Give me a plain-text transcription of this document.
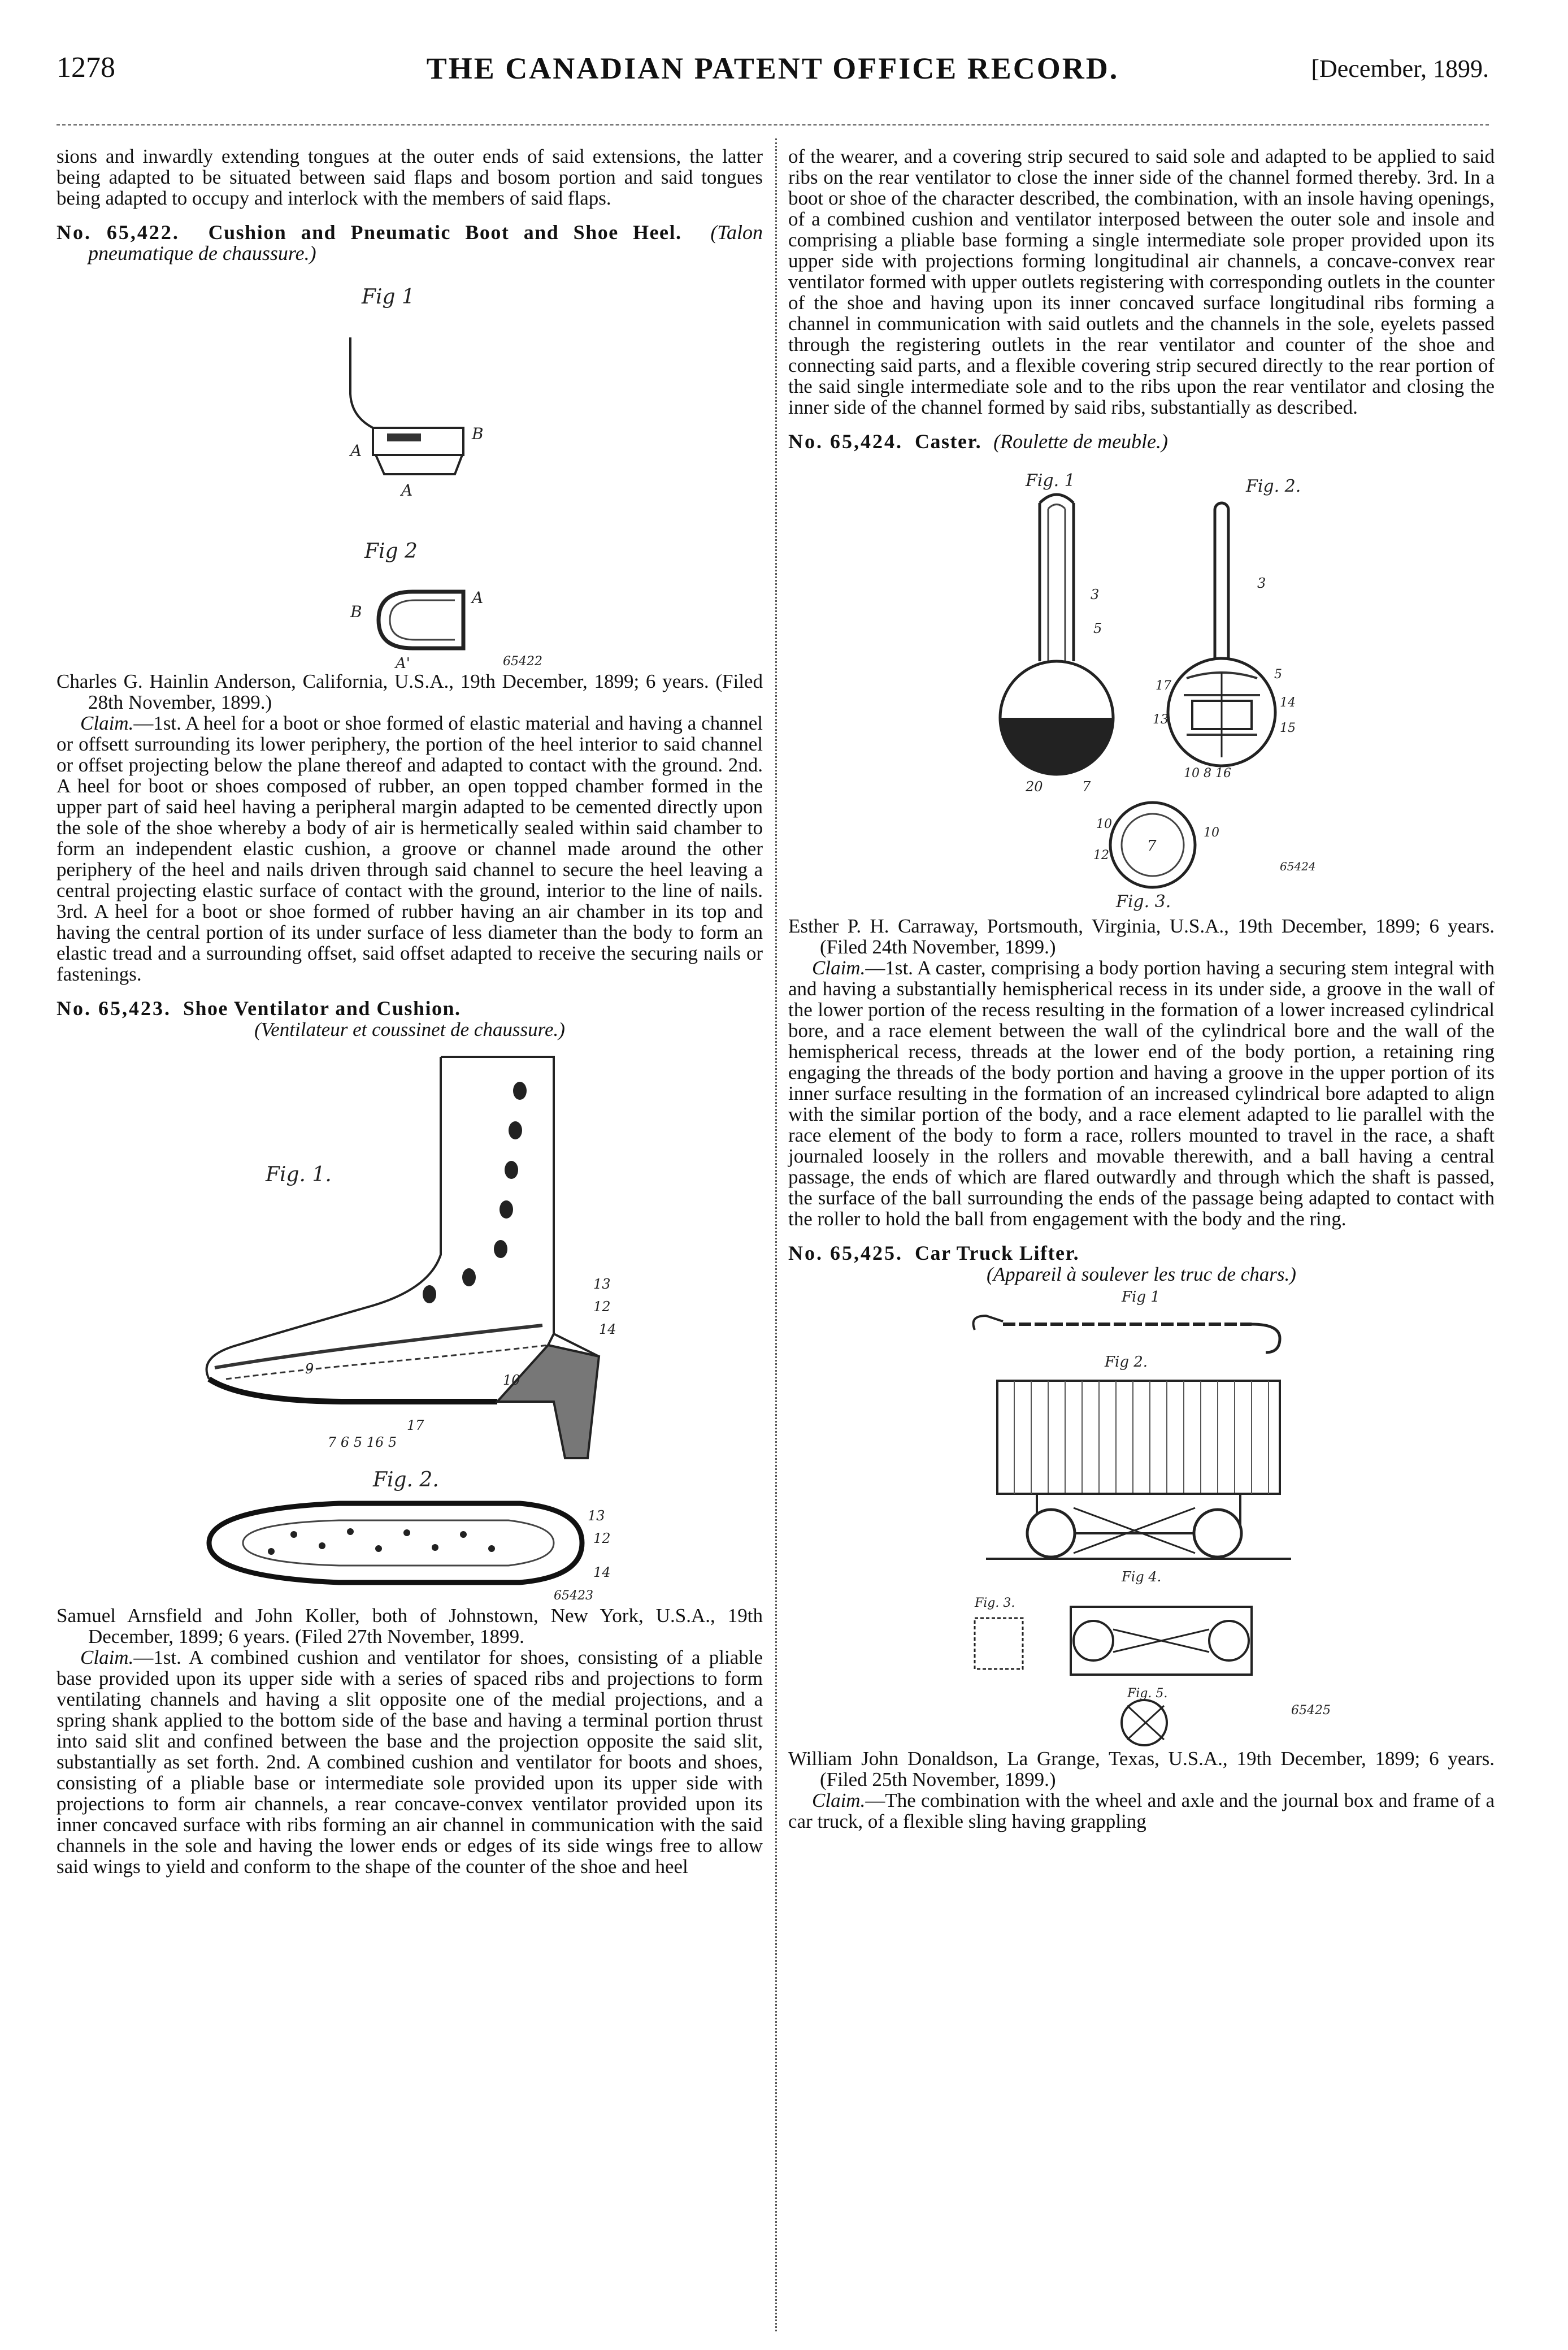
1278	THE CANADIAN PATENT OFFICE RECORD.	[December, 1899.

sions and inwardly extending tongues at the outer ends of said extensions, the latter being adapted to be situated between said flaps and bosom portion and said tongues being adapted to occupy and interlock with the members of said flaps.

No. 65,422. Cushion and Pneumatic Boot and Shoe Heel. (Talon pneumatique de chaussure.)

Fig 1
A
B
A
Fig 2
B
A
A'	65422

Charles G. Hainlin Anderson, California, U.S.A., 19th December, 1899; 6 years. (Filed 28th November, 1899.)

Claim.—1st. A heel for a boot or shoe formed of elastic material and having a channel or offsett surrounding its lower periphery, the portion of the heel interior to said channel or offset projecting below the plane thereof and adapted to contact with the ground. 2nd. A heel for boot or shoes composed of rubber, an open topped chamber formed in the upper part of said heel having a peripheral margin adapted to be cemented directly upon the sole of the shoe whereby a body of air is hermetically sealed within said chamber to form an independent elastic cushion, a groove or channel made around the other periphery of the heel and nails driven through said channel to secure the heel leaving a central projecting elastic surface of contact with the ground, interior to the line of nails. 3rd. A heel for a boot or shoe formed of rubber having an air chamber in its top and having the central portion of its under surface of less diameter than the body to form an elastic tread and a surrounding offset, said offset adapted to receive the securing nails or fastenings.

No. 65,423. Shoe Ventilator and Cushion.

(Ventilateur et coussinet de chaussure.)

Fig. 1.
13
12
14
10
9
7 6 5 16 5
17
Fig. 2.
13
12
14
65423

Samuel Arnsfield and John Koller, both of Johnstown, New York, U.S.A., 19th December, 1899; 6 years. (Filed 27th November, 1899.

Claim.—1st. A combined cushion and ventilator for shoes, consisting of a pliable base provided upon its upper side with a series of spaced ribs and projections to form ventilating channels and having a slit opposite one of the medial projections, and a spring shank applied to the bottom side of the base and having a terminal portion thrust into said slit and confined between the base and the projection opposite the said slit, substantially as set forth. 2nd. A combined cushion and ventilator for boots and shoes, consisting of a pliable base or intermediate sole provided upon its upper side with projections to form air channels, a rear concave-convex ventilator provided upon its inner concaved surface with ribs forming an air channel in communication with the said channels in the sole and having the lower ends or edges of its side wings free to allow said wings to yield and conform to the shape of the counter of the shoe and heel

of the wearer, and a covering strip secured to said sole and adapted to be applied to said ribs on the rear ventilator to close the inner side of the channel formed thereby. 3rd. In a boot or shoe of the character described, the combination, with an insole having openings, of a combined cushion and ventilator interposed between the outer sole and insole and comprising a pliable base forming a single intermediate sole proper provided upon its upper side with projections forming longitudinal air channels, a concave-convex rear ventilator formed with upper outlets registering with corresponding outlets in the counter of the shoe and having upon its inner concaved surface longitudinal ribs forming a channel in communication with said outlets and the channels in the sole, eyelets passed through the registering outlets in the rear ventilator and counter of the shoe and connecting said parts, and a flexible covering strip secured directly to the rear portion of the said single intermediate sole and to the ribs upon the rear ventilator and closing the inner side of the channel formed by said ribs, substantially as described.

No. 65,424. Caster. (Roulette de meuble.)

Fig. 1
3
5
20	7
Fig. 2.
3
5
14
15
17
13
10 8 16
7
10
12
10
Fig. 3.
65424

Esther P. H. Carraway, Portsmouth, Virginia, U.S.A., 19th December, 1899; 6 years. (Filed 24th November, 1899.)

Claim.—1st. A caster, comprising a body portion having a securing stem integral with and having a substantially hemispherical recess in its under side, a groove in the wall of the lower portion of the recess resulting in the formation of a lower increased cylindrical bore, and a race element between the wall of the cylindrical bore and the wall of the hemispherical recess, threads at the lower end of the body portion, a retaining ring engaging the threads of the body portion and having a groove in the upper portion of its inner surface resulting in the formation of an increased cylindrical bore adapted to align with the similar portion of the body, and a race element adapted to lie parallel with the race element of the body to form a race, rollers mounted to travel in the race, a shaft journaled loosely in the rollers and movable therewith, and a ball having a central passage, the ends of which are flared outwardly and through which the shaft is passed, the surface of the ball surrounding the ends of the passage being adapted to contact with the roller to hold the ball from engagement with the body and the ring.

No. 65,425. Car Truck Lifter.

(Appareil à soulever les truc de chars.)

Fig 1
Fig 2.
Fig 4.
Fig. 3.
Fig. 5.
65425

William John Donaldson, La Grange, Texas, U.S.A., 19th December, 1899; 6 years. (Filed 25th November, 1899.)

Claim.—The combination with the wheel and axle and the journal box and frame of a car truck, of a flexible sling having grappling
